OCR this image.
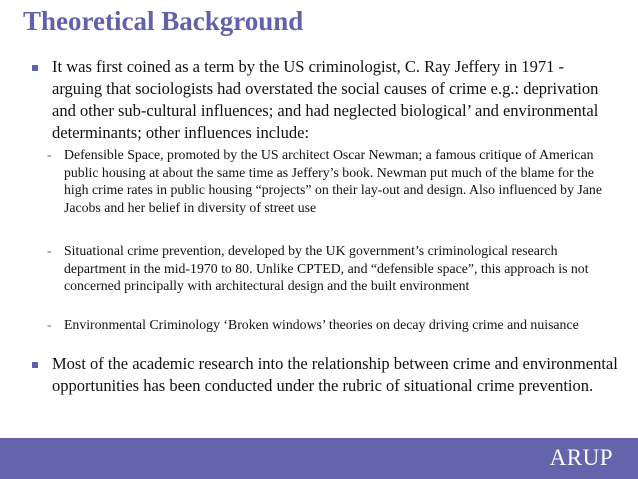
Theoretical Background
It was first coined as a term by the US criminologist, C. Ray Jeffery in 1971 - arguing that sociologists had overstated the social causes of crime e.g.: deprivation and other sub-cultural influences; and had neglected biological’ and environmental determinants; other influences include:
- Defensible Space, promoted by the US architect Oscar Newman; a famous critique of American public housing at about the same time as Jeffery’s book. Newman put much of the blame for the high crime rates in public housing “projects” on their lay-out and design. Also influenced by Jane Jacobs and her belief in diversity of street use
- Situational crime prevention, developed by the UK government’s criminological research department in the mid-1970 to 80. Unlike CPTED, and “defensible space”, this approach is not concerned principally with architectural design and the built environment
- Environmental Criminology ‘Broken windows’ theories on decay driving crime and nuisance
Most of the academic research into the relationship between crime and environmental opportunities has been conducted under the rubric of situational crime prevention.
ARUP
